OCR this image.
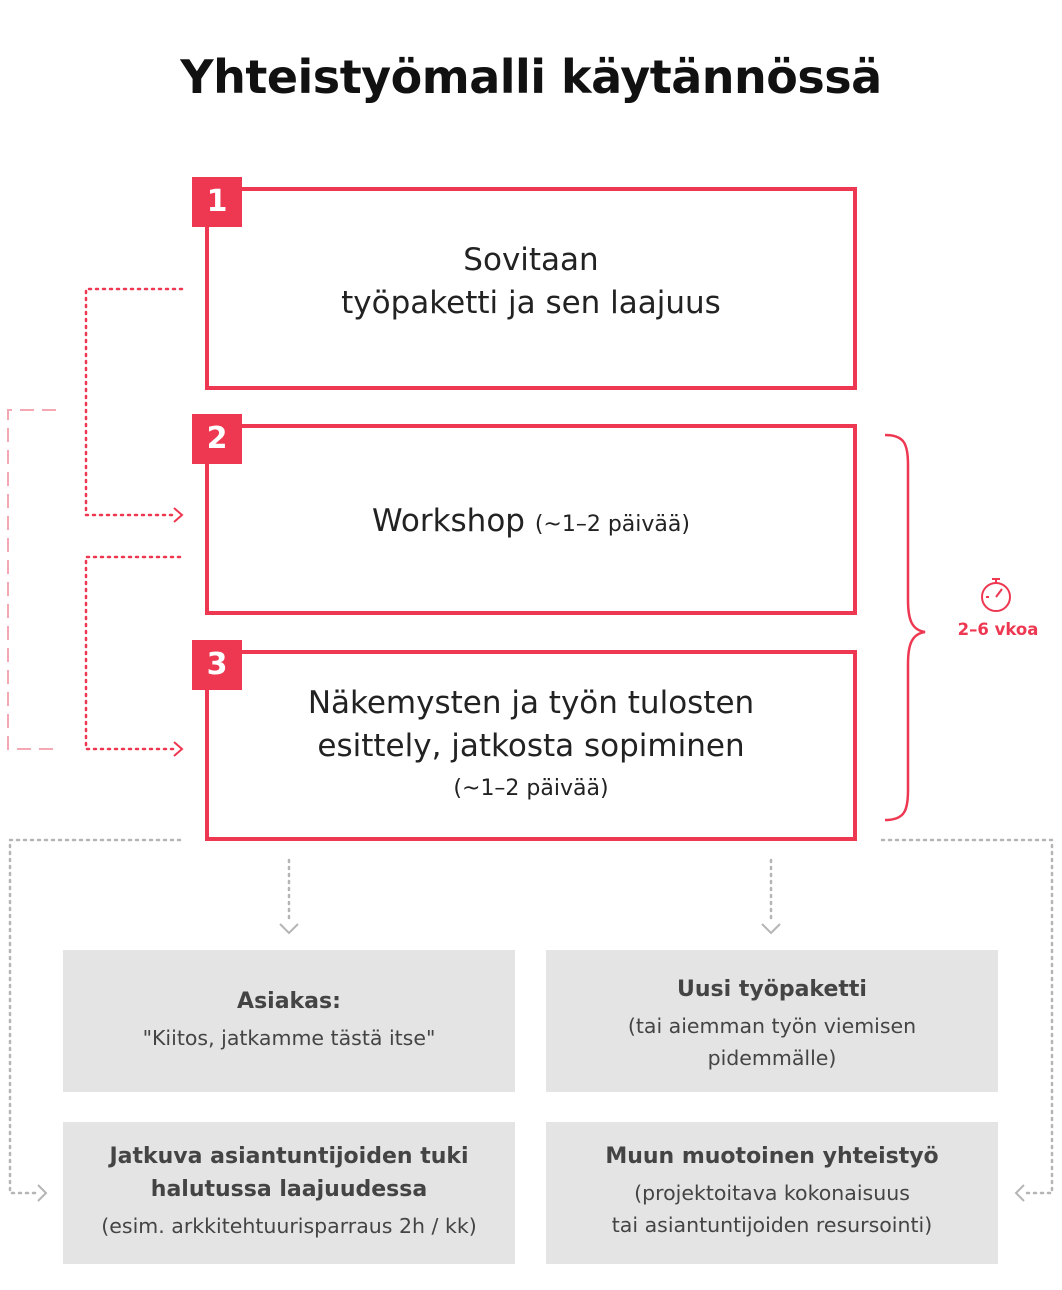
Yhteistyömalli käytännössä
Sovitaan
työpaketti ja sen laajuus
1
Workshop (~1–2 päivää)
2
Näkemysten ja työn tulosten
esittely, jatkosta sopiminen
(~1–2 päivää)
3
2–6 vkoa
Asiakas:
"Kiitos, jatkamme tästä itse"
Uusi työpaketti
(tai aiemman työn viemisen
pidemmälle)
Jatkuva asiantuntijoiden tuki
halutussa laajuudessa
(esim. arkkitehtuurisparraus 2h / kk)
Muun muotoinen yhteistyö
(projektoitava kokonaisuus
tai asiantuntijoiden resursointi)
